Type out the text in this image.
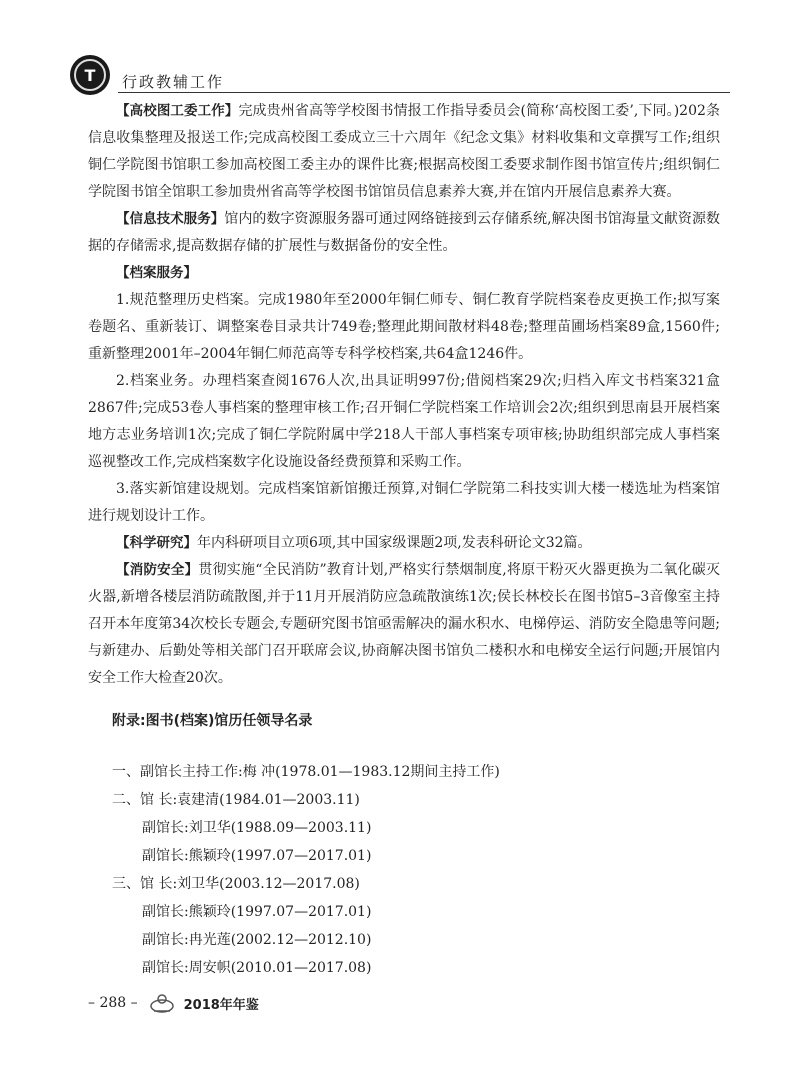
T	行政教辅工作

【高校图工委工作】完成贵州省高等学校图书情报工作指导委员会(简称‘高校图工委’,下同。)202条信息收集整理及报送工作;完成高校图工委成立三十六周年《纪念文集》材料收集和文章撰写工作;组织铜仁学院图书馆职工参加高校图工委主办的课件比赛;根据高校图工委要求制作图书馆宣传片;组织铜仁学院图书馆全馆职工参加贵州省高等学校图书馆馆员信息素养大赛,并在馆内开展信息素养大赛。

【信息技术服务】馆内的数字资源服务器可通过网络链接到云存储系统,解决图书馆海量文献资源数据的存储需求,提高数据存储的扩展性与数据备份的安全性。

【档案服务】

1.规范整理历史档案。完成1980年至2000年铜仁师专、铜仁教育学院档案卷皮更换工作;拟写案卷题名、重新装订、调整案卷目录共计749卷;整理此期间散材料48卷;整理苗圃场档案89盒,1560件;重新整理2001年–2004年铜仁师范高等专科学校档案,共64盒1246件。

2.档案业务。办理档案查阅1676人次,出具证明997份;借阅档案29次;归档入库文书档案321盒2867件;完成53卷人事档案的整理审核工作;召开铜仁学院档案工作培训会2次;组织到思南县开展档案地方志业务培训1次;完成了铜仁学院附属中学218人干部人事档案专项审核;协助组织部完成人事档案巡视整改工作,完成档案数字化设施设备经费预算和采购工作。

3.落实新馆建设规划。完成档案馆新馆搬迁预算,对铜仁学院第二科技实训大楼一楼选址为档案馆进行规划设计工作。

【科学研究】年内科研项目立项6项,其中国家级课题2项,发表科研论文32篇。

【消防安全】贯彻实施“全民消防”教育计划,严格实行禁烟制度,将原干粉灭火器更换为二氧化碳灭火器,新增各楼层消防疏散图,并于11月开展消防应急疏散演练1次;侯长林校长在图书馆5–3音像室主持召开本年度第34次校长专题会,专题研究图书馆亟需解决的漏水积水、电梯停运、消防安全隐患等问题;与新建办、后勤处等相关部门召开联席会议,协商解决图书馆负二楼积水和电梯安全运行问题;开展馆内安全工作大检查20次。

附录:图书(档案)馆历任领导名录
一、副馆长主持工作:梅 冲(1978.01—1983.12期间主持工作)
二、馆 长:袁建清(1984.01—2003.11)
副馆长:刘卫华(1988.09—2003.11)
副馆长:熊颖玲(1997.07—2017.01)
三、馆 长:刘卫华(2003.12—2017.08)
副馆长:熊颖玲(1997.07—2017.01)
副馆长:冉光莲(2002.12—2012.10)
副馆长:周安帜(2010.01—2017.08)
– 288 –	2018年年鉴
